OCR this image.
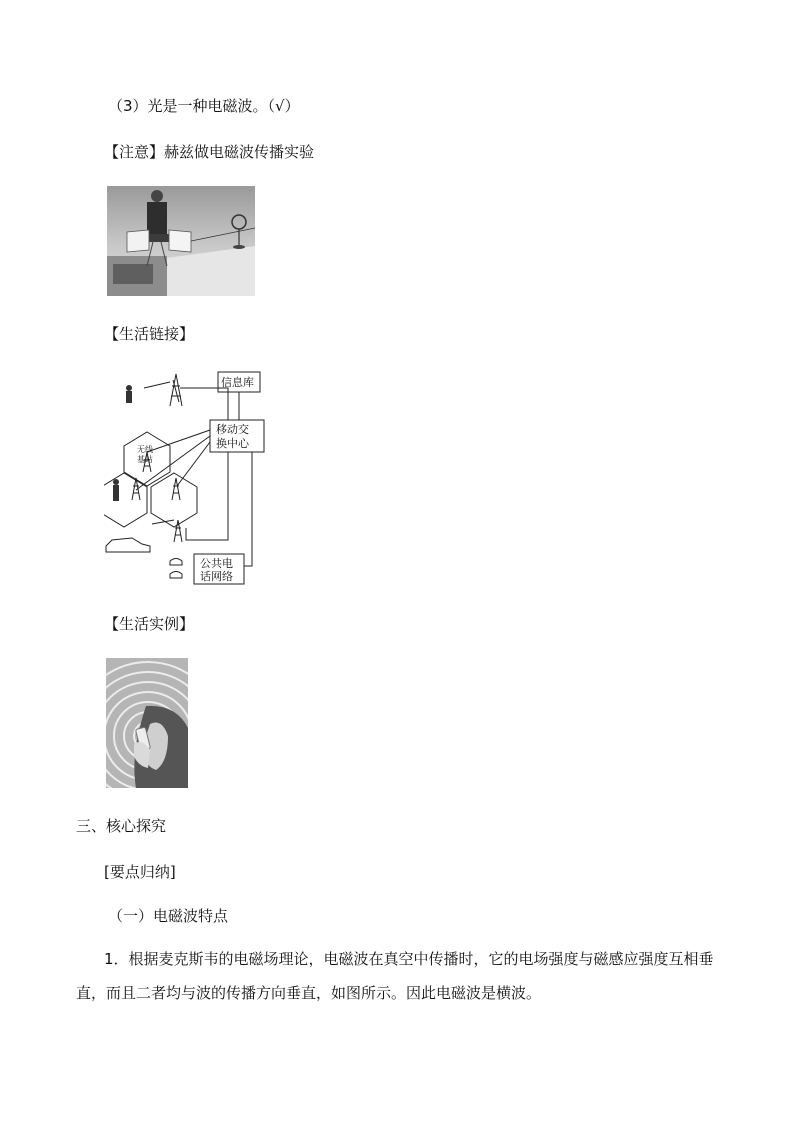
（3）光是一种电磁波。（√）
【注意】赫兹做电磁波传播实验
【生活链接】
信息库
移动交
换中心
无线
基站
公共电
话网络
【生活实例】
三、核心探究
[要点归纳]
（一）电磁波特点
1．根据麦克斯韦的电磁场理论，电磁波在真空中传播时，它的电场强度与磁感应强度互相垂直，而且二者均与波的传播方向垂直，如图所示。因此电磁波是横波。
